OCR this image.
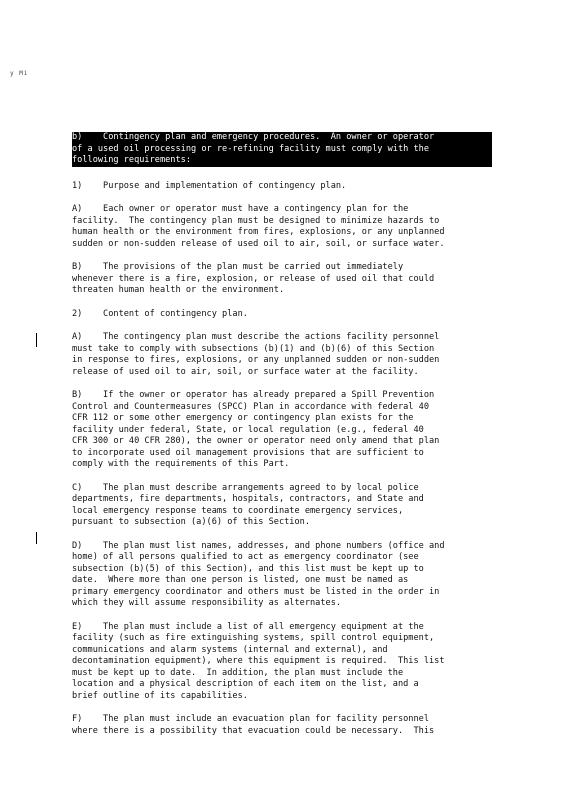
y Mi
b)    Contingency plan and emergency procedures.  An owner or operator
of a used oil processing or re-refining facility must comply with the
following requirements:
1)    Purpose and implementation of contingency plan.
A)    Each owner or operator must have a contingency plan for the
facility.  The contingency plan must be designed to minimize hazards to
human health or the environment from fires, explosions, or any unplanned
sudden or non-sudden release of used oil to air, soil, or surface water.
B)    The provisions of the plan must be carried out immediately
whenever there is a fire, explosion, or release of used oil that could
threaten human health or the environment.
2)    Content of contingency plan.
A)    The contingency plan must describe the actions facility personnel
must take to comply with subsections (b)(1) and (b)(6) of this Section
in response to fires, explosions, or any unplanned sudden or non-sudden
release of used oil to air, soil, or surface water at the facility.
B)    If the owner or operator has already prepared a Spill Prevention
Control and Countermeasures (SPCC) Plan in accordance with federal 40
CFR 112 or some other emergency or contingency plan exists for the
facility under federal, State, or local regulation (e.g., federal 40
CFR 300 or 40 CFR 280), the owner or operator need only amend that plan
to incorporate used oil management provisions that are sufficient to
comply with the requirements of this Part.
C)    The plan must describe arrangements agreed to by local police
departments, fire departments, hospitals, contractors, and State and
local emergency response teams to coordinate emergency services,
pursuant to subsection (a)(6) of this Section.
D)    The plan must list names, addresses, and phone numbers (office and
home) of all persons qualified to act as emergency coordinator (see
subsection (b)(5) of this Section), and this list must be kept up to
date.  Where more than one person is listed, one must be named as
primary emergency coordinator and others must be listed in the order in
which they will assume responsibility as alternates.
E)    The plan must include a list of all emergency equipment at the
facility (such as fire extinguishing systems, spill control equipment,
communications and alarm systems (internal and external), and
decontamination equipment), where this equipment is required.  This list
must be kept up to date.  In addition, the plan must include the
location and a physical description of each item on the list, and a
brief outline of its capabilities.
F)    The plan must include an evacuation plan for facility personnel
where there is a possibility that evacuation could be necessary.  This
